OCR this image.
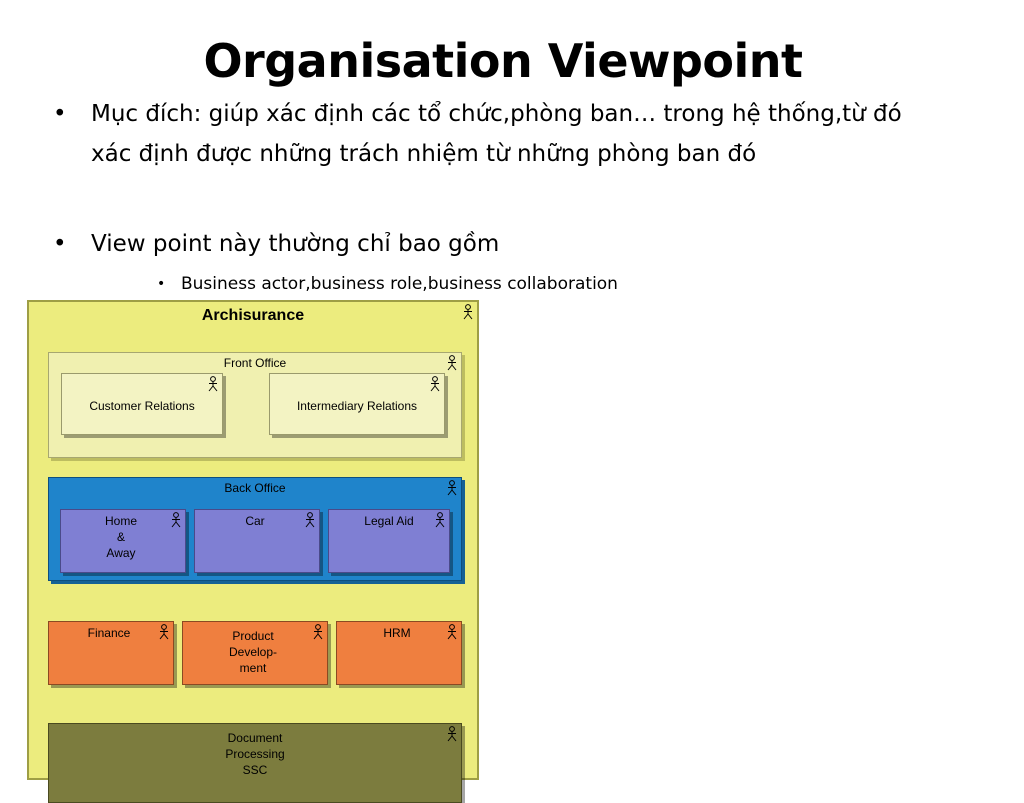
Organisation Viewpoint
• Mục đích: giúp xác định các tổ chức,phòng ban… trong hệ thống,từ đó xác định được những trách nhiệm từ những phòng ban đó
• View point này thường chỉ bao gồm
• Business actor,business role,business collaboration
Archisurance
Front Office
Customer Relations	Intermediary Relations
Back Office
Home
&
Away
Car	Legal Aid
Finance	Product
Develop-
ment
HRM
Document
Processing
SSC
